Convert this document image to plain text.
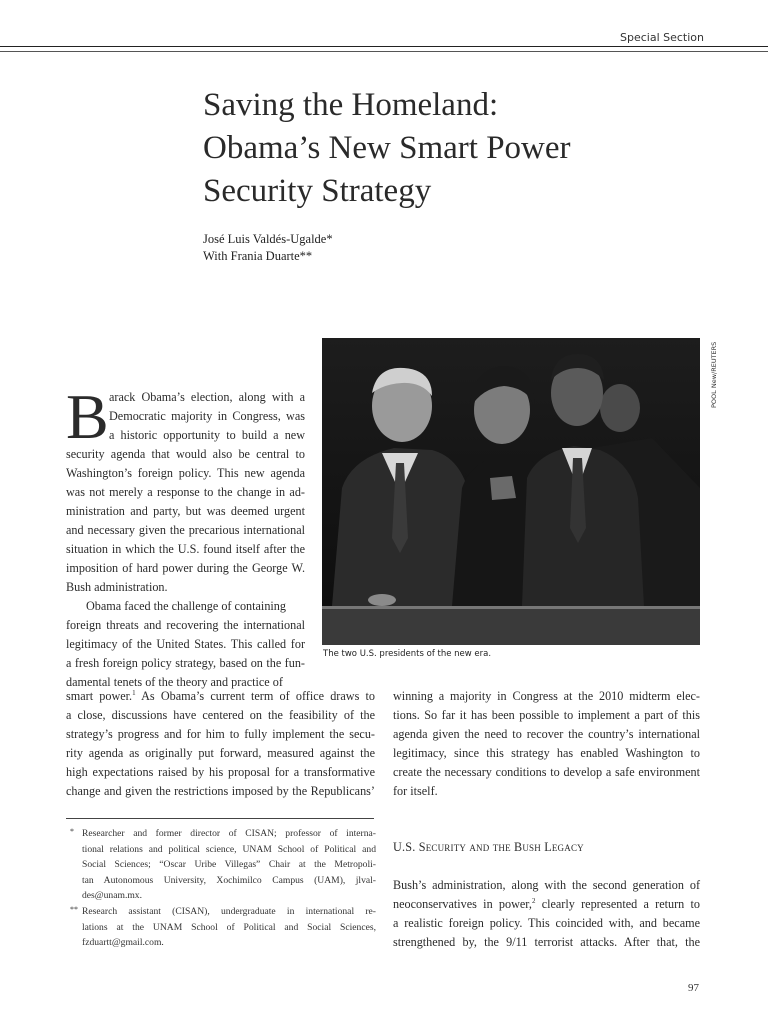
Special Section
Saving the Homeland:
Obama’s New Smart Power
Security Strategy
José Luis Valdés-Ugalde*
With Frania Duarte**
POOL New/REUTERS
The two U.S. presidents of the new era.
B arack Obama’s election, along with a
Democratic majority in Congress, was
a historic opportunity to build a new
security agenda that would also be central to
Washington’s foreign policy. This new agenda
was not merely a response to the change in ad-
ministration and party, but was deemed urgent
and necessary given the precarious international
situation in which the U.S. found itself after the
imposition of hard power during the George W.
Bush administration.
Obama faced the challenge of containing
foreign threats and recovering the international
legitimacy of the United States. This called for
a fresh foreign policy strategy, based on the fun-
damental tenets of the theory and practice of
smart power.$^1$ As Obama’s current term of office draws to
a close, discussions have centered on the feasibility of the
strategy’s progress and for him to fully implement the secu-
rity agenda as originally put forward, measured against the
high expectations raised by his proposal for a transformative
change and given the restrictions imposed by the Republicans’
winning a majority in Congress at the 2010 midterm elec-
tions. So far it has been possible to implement a part of this
agenda given the need to recover the country’s international
legitimacy, since this strategy has enabled Washington to
create the necessary conditions to develop a safe environment
for itself.
U.S. Security and the Bush Legacy
Bush’s administration, along with the second generation of
neoconservatives in power,$^2$ clearly represented a return to
a realistic foreign policy. This coincided with, and became
strengthened by, the 9/11 terrorist attacks. After that, the
* Researcher and former director of CISAN; professor of interna-
tional relations and political science, UNAM School of Political and
Social Sciences; “Oscar Uribe Villegas” Chair at the Metropoli-
tan Autonomous University, Xochimilco Campus (UAM), jlval-
des@unam.mx.
** Research assistant (CISAN), undergraduate in international re-
lations at the UNAM School of Political and Social Sciences,
fzduartt@gmail.com.
97
